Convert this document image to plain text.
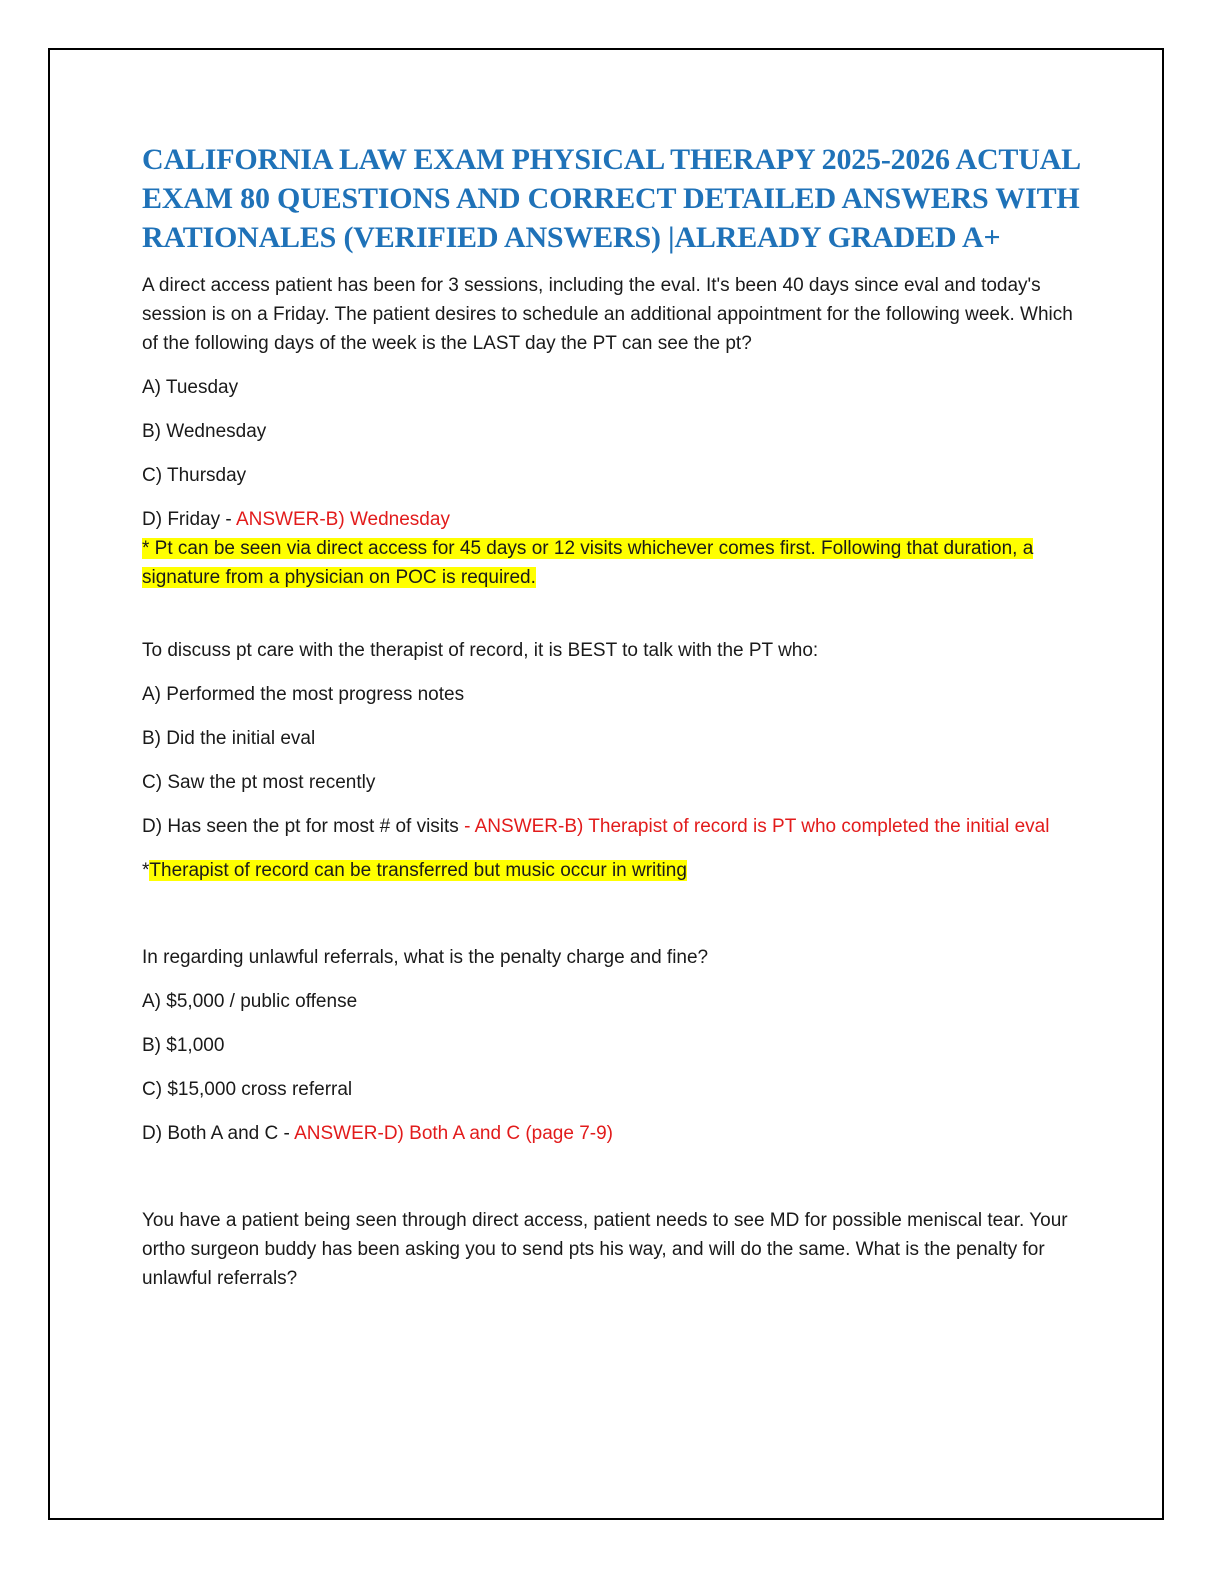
CALIFORNIA LAW EXAM PHYSICAL THERAPY 2025-2026 ACTUAL EXAM 80 QUESTIONS AND CORRECT DETAILED ANSWERS WITH RATIONALES (VERIFIED ANSWERS) |ALREADY GRADED A+

A direct access patient has been for 3 sessions, including the eval. It's been 40 days since eval and today's session is on a Friday. The patient desires to schedule an additional appointment for the following week. Which of the following days of the week is the LAST day the PT can see the pt?

A) Tuesday

B) Wednesday

C) Thursday

D) Friday - ANSWER-B) Wednesday

* Pt can be seen via direct access for 45 days or 12 visits whichever comes first. Following that duration, a signature from a physician on POC is required.

To discuss pt care with the therapist of record, it is BEST to talk with the PT who:

A) Performed the most progress notes

B) Did the initial eval

C) Saw the pt most recently

D) Has seen the pt for most # of visits - ANSWER-B) Therapist of record is PT who completed the initial eval

*Therapist of record can be transferred but music occur in writing

In regarding unlawful referrals, what is the penalty charge and fine?

A) $5,000 / public offense

B) $1,000

C) $15,000 cross referral

D) Both A and C - ANSWER-D) Both A and C (page 7-9)

You have a patient being seen through direct access, patient needs to see MD for possible meniscal tear. Your ortho surgeon buddy has been asking you to send pts his way, and will do the same. What is the penalty for unlawful referrals?
